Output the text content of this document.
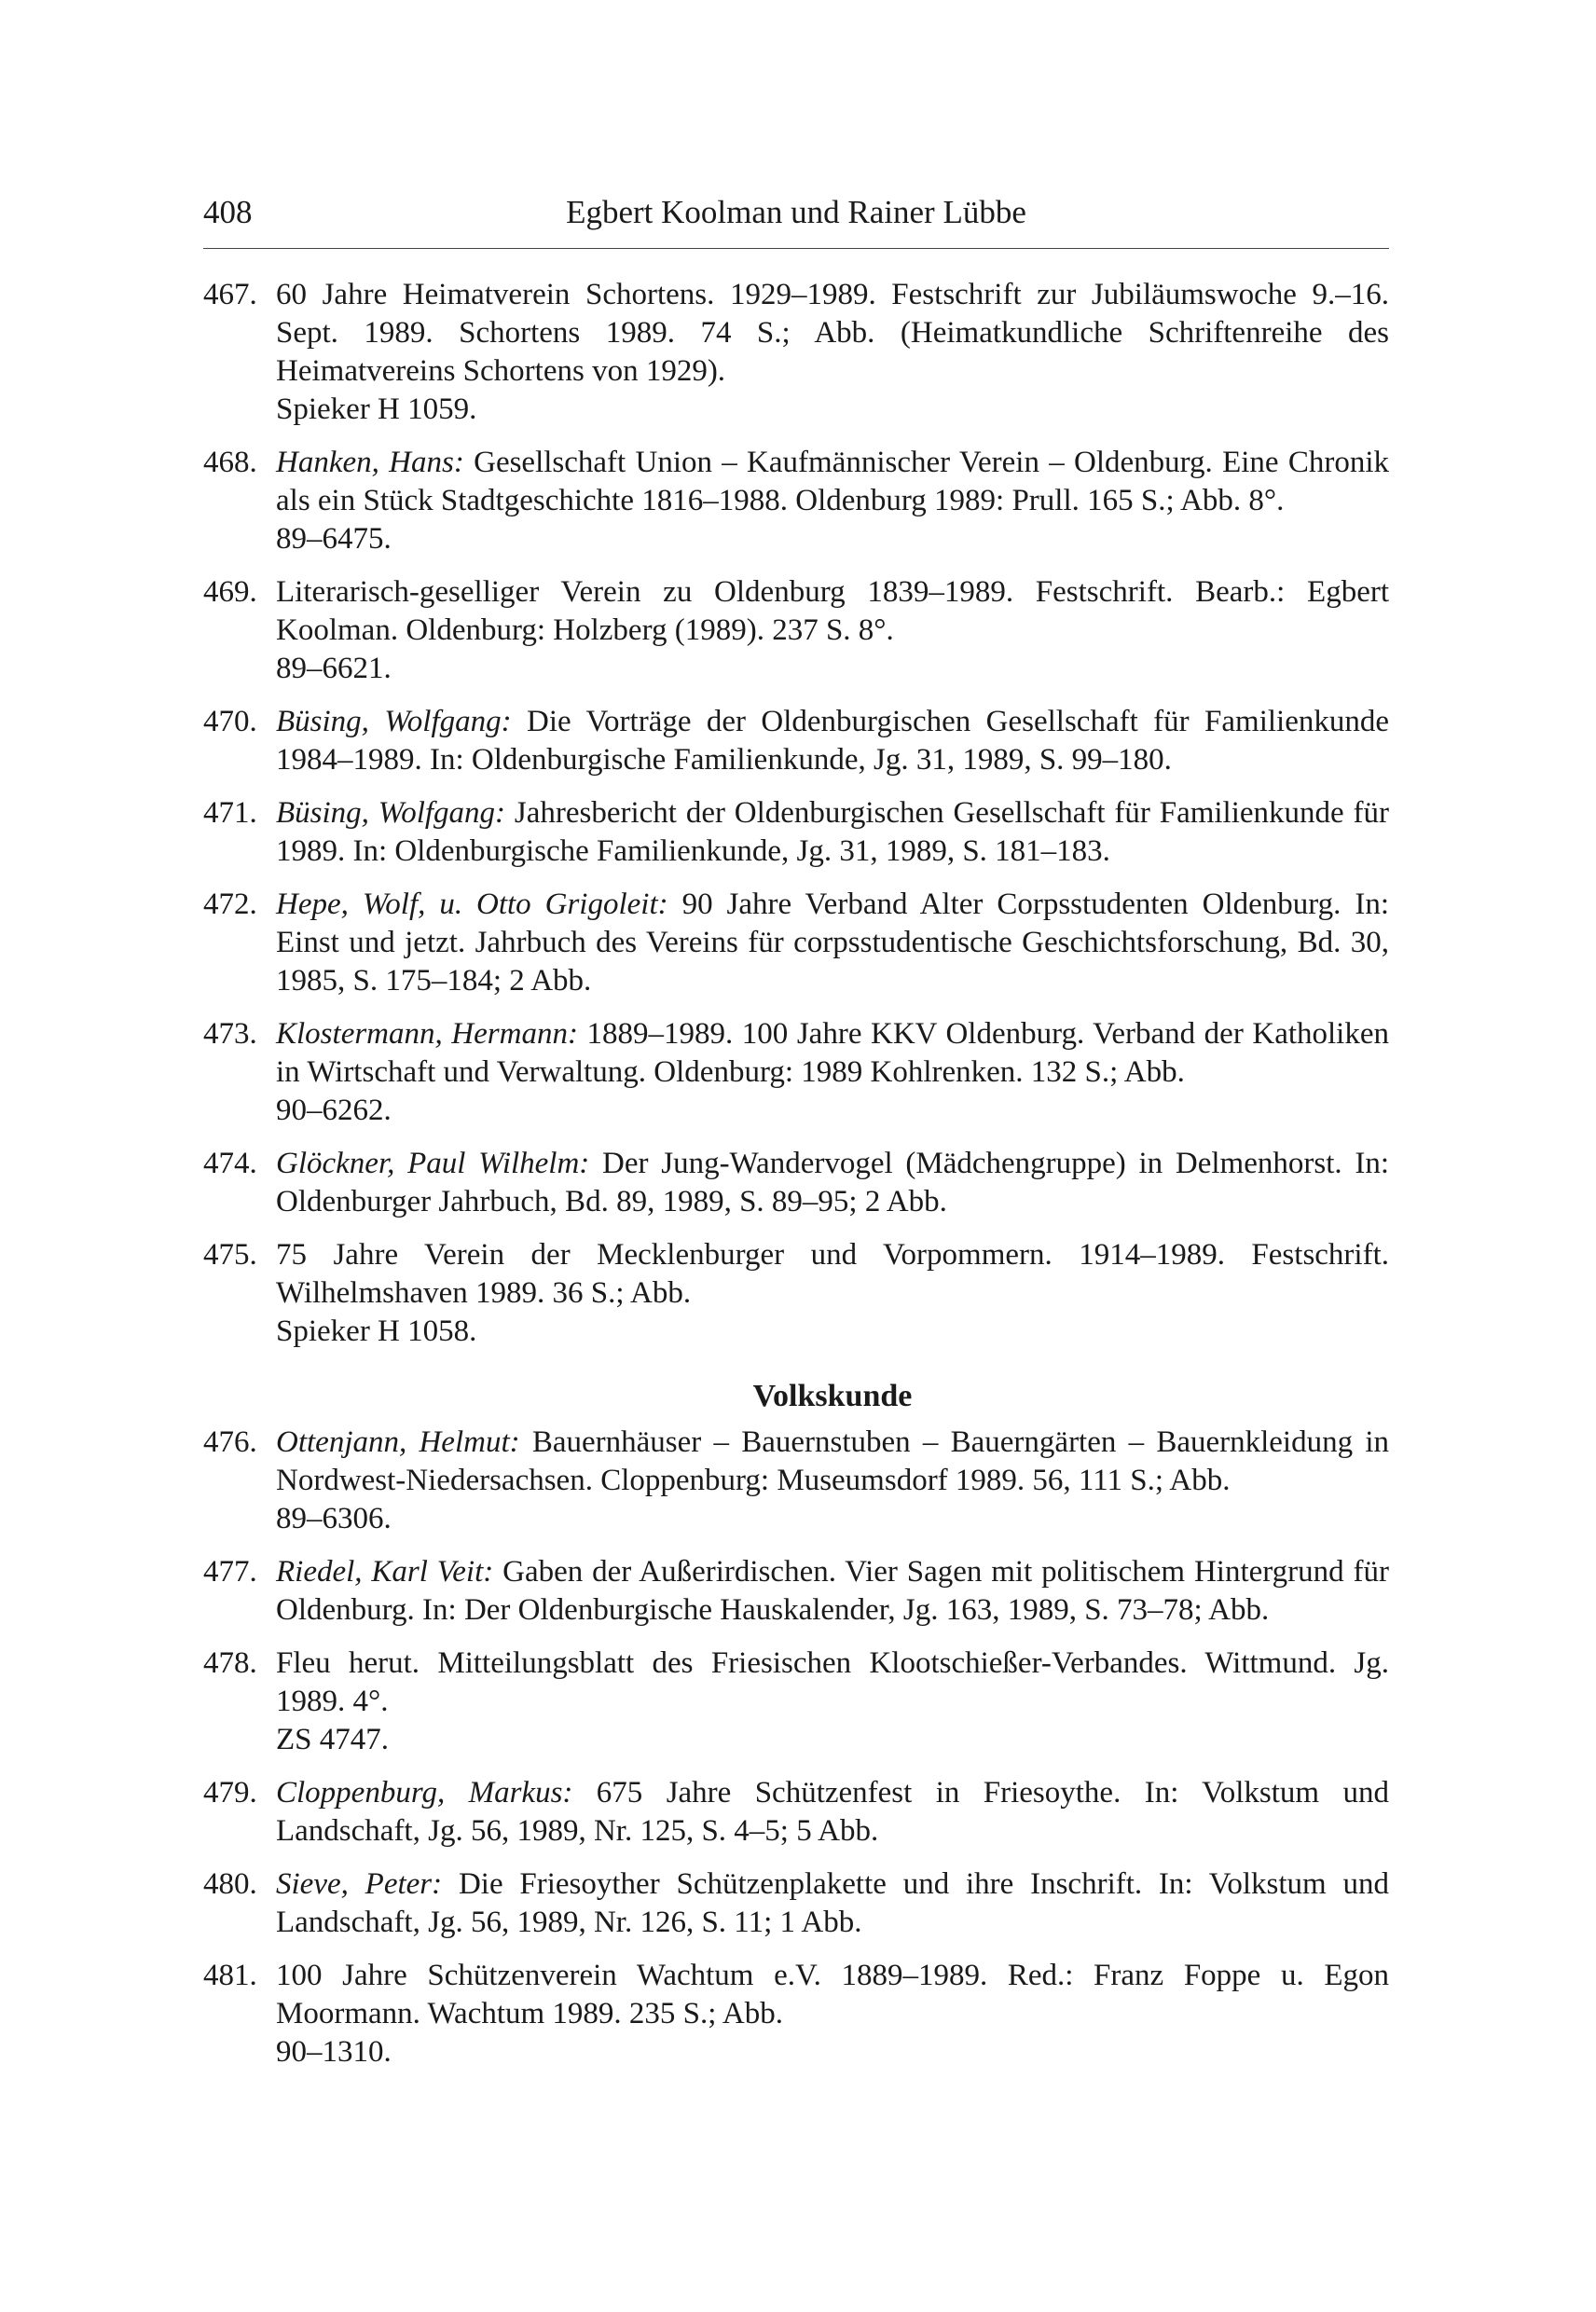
408	Egbert Koolman und Rainer Lübbe
467. 60 Jahre Heimatverein Schortens. 1929–1989. Festschrift zur Jubiläumswoche 9.–16. Sept. 1989. Schortens 1989. 74 S.; Abb. (Heimatkundliche Schriftenreihe des Heimatvereins Schortens von 1929).
Spieker H 1059.
468. Hanken, Hans: Gesellschaft Union – Kaufmännischer Verein – Oldenburg. Eine Chronik als ein Stück Stadtgeschichte 1816–1988. Oldenburg 1989: Prull. 165 S.; Abb. 8°.
89–6475.
469. Literarisch-geselliger Verein zu Oldenburg 1839–1989. Festschrift. Bearb.: Egbert Koolman. Oldenburg: Holzberg (1989). 237 S. 8°.
89–6621.
470. Büsing, Wolfgang: Die Vorträge der Oldenburgischen Gesellschaft für Familienkunde 1984–1989. In: Oldenburgische Familienkunde, Jg. 31, 1989, S. 99–180.
471. Büsing, Wolfgang: Jahresbericht der Oldenburgischen Gesellschaft für Familienkunde für 1989. In: Oldenburgische Familienkunde, Jg. 31, 1989, S. 181–183.
472. Hepe, Wolf, u. Otto Grigoleit: 90 Jahre Verband Alter Corpsstudenten Oldenburg. In: Einst und jetzt. Jahrbuch des Vereins für corpsstudentische Geschichtsforschung, Bd. 30, 1985, S. 175–184; 2 Abb.
473. Klostermann, Hermann: 1889–1989. 100 Jahre KKV Oldenburg. Verband der Katholiken in Wirtschaft und Verwaltung. Oldenburg: 1989 Kohlrenken. 132 S.; Abb.
90–6262.
474. Glöckner, Paul Wilhelm: Der Jung-Wandervogel (Mädchengruppe) in Delmenhorst. In: Oldenburger Jahrbuch, Bd. 89, 1989, S. 89–95; 2 Abb.
475. 75 Jahre Verein der Mecklenburger und Vorpommern. 1914–1989. Festschrift. Wilhelmshaven 1989. 36 S.; Abb.
Spieker H 1058.
Volkskunde
476. Ottenjann, Helmut: Bauernhäuser – Bauernstuben – Bauerngärten – Bauernkleidung in Nordwest-Niedersachsen. Cloppenburg: Museumsdorf 1989. 56, 111 S.; Abb.
89–6306.
477. Riedel, Karl Veit: Gaben der Außerirdischen. Vier Sagen mit politischem Hintergrund für Oldenburg. In: Der Oldenburgische Hauskalender, Jg. 163, 1989, S. 73–78; Abb.
478. Fleu herut. Mitteilungsblatt des Friesischen Klootschießer-Verbandes. Wittmund. Jg. 1989. 4°.
ZS 4747.
479. Cloppenburg, Markus: 675 Jahre Schützenfest in Friesoythe. In: Volkstum und Landschaft, Jg. 56, 1989, Nr. 125, S. 4–5; 5 Abb.
480. Sieve, Peter: Die Friesoyther Schützenplakette und ihre Inschrift. In: Volkstum und Landschaft, Jg. 56, 1989, Nr. 126, S. 11; 1 Abb.
481. 100 Jahre Schützenverein Wachtum e.V. 1889–1989. Red.: Franz Foppe u. Egon Moormann. Wachtum 1989. 235 S.; Abb.
90–1310.
